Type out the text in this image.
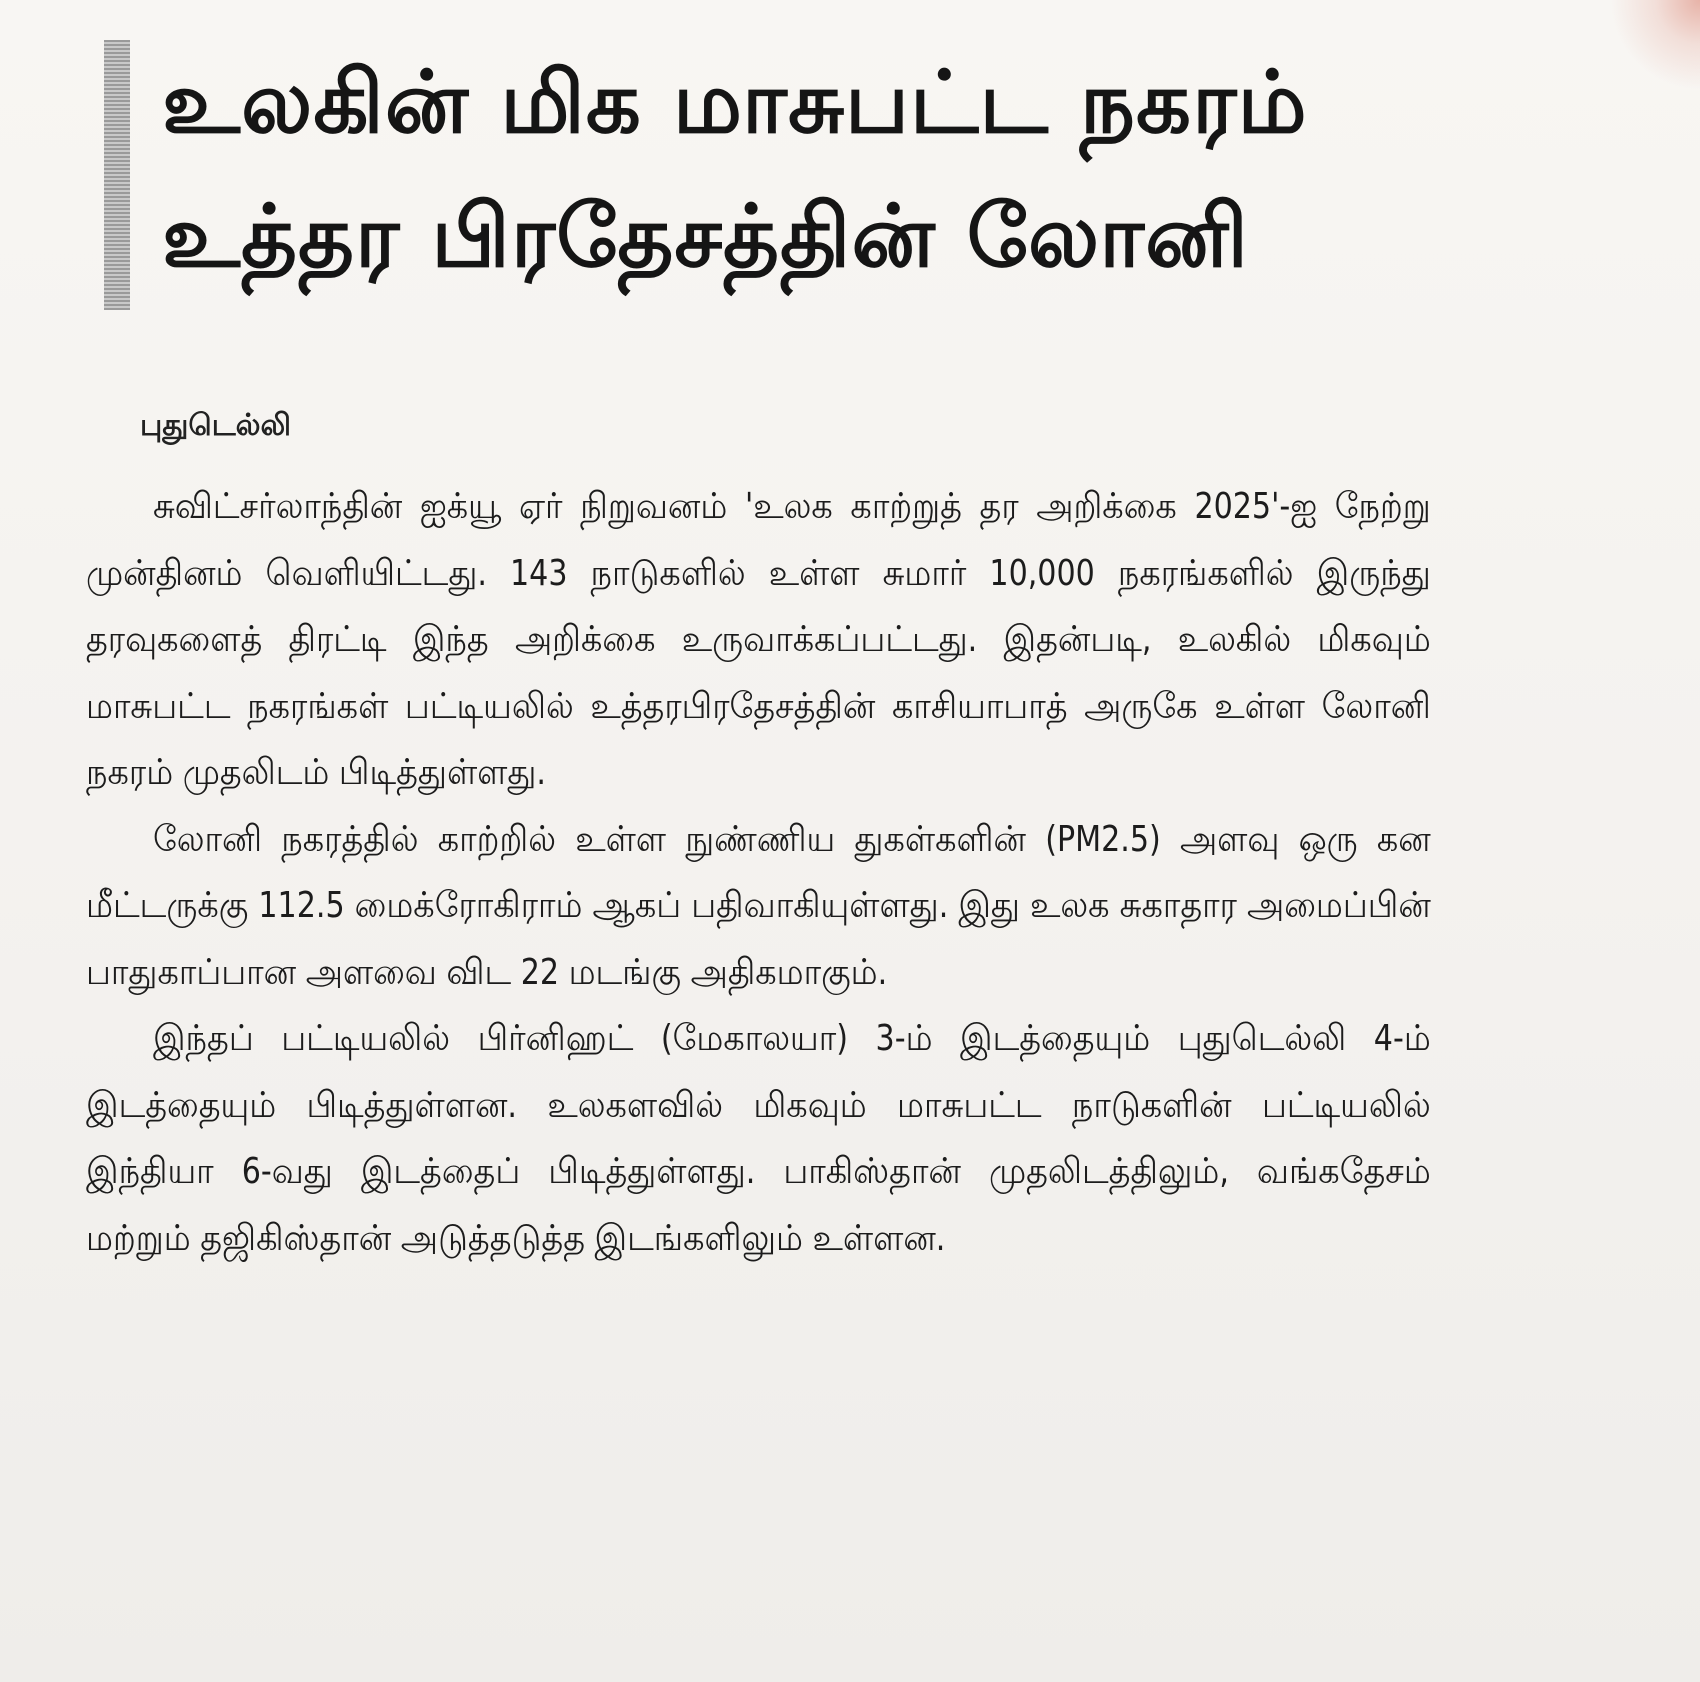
உலகின் மிக மாசுபட்ட நகரம் உத்தர பிரதேசத்தின் லோனி
புதுடெல்லி

சுவிட்சர்லாந்தின் ஐக்யூ ஏர் நிறுவனம் 'உலக காற்றுத் தர அறிக்கை 2025'-ஐ நேற்று முன்தினம் வெளியிட்டது. 143 நாடுகளில் உள்ள சுமார் 10,000 நகரங்களில் இருந்து தரவுகளைத் திரட்டி இந்த அறிக்கை உருவாக்கப்பட்டது. இதன்படி, உலகில் மிகவும் மாசுபட்ட நகரங்கள் பட்டியலில் உத்தரபிரதேசத்தின் காசியாபாத் அருகே உள்ள லோனி நகரம் முதலிடம் பிடித்துள்ளது.

லோனி நகரத்தில் காற்றில் உள்ள நுண்ணிய துகள்களின் (PM2.5) அளவு ஒரு கன மீட்டருக்கு 112.5 மைக்ரோகிராம் ஆகப் பதிவாகியுள்ளது. இது உலக சுகாதார அமைப்பின் பாதுகாப்பான அளவை விட 22 மடங்கு அதிகமாகும்.

இந்தப் பட்டியலில் பிர்னிஹட் (மேகாலயா) 3-ம் இடத்தையும் புதுடெல்லி 4-ம் இடத்தையும் பிடித்துள்ளன. உலகளவில் மிகவும் மாசுபட்ட நாடுகளின் பட்டியலில் இந்தியா 6-வது இடத்தைப் பிடித்துள்ளது. பாகிஸ்தான் முதலிடத்திலும், வங்கதேசம் மற்றும் தஜிகிஸ்தான் அடுத்தடுத்த இடங்களிலும் உள்ளன.
